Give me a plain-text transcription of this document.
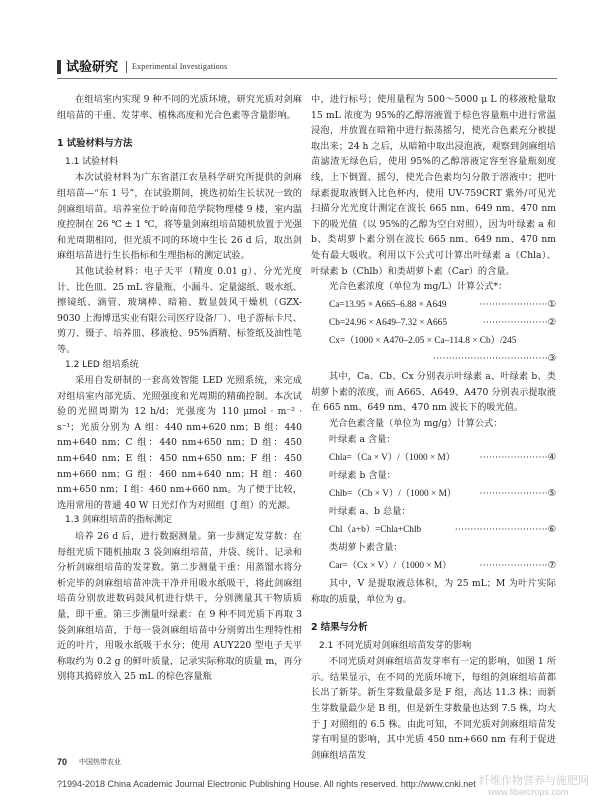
试验研究 Experimental Investigations

在组培室内实现 9 种不同的光质环境，研究光质对剑麻组培苗的干重、发芽率、植株高度和光合色素等含量影响。

1 试验材料与方法
1.1 试验材料

本次试验材料为广东省湛江农垦科学研究所提供的剑麻组培苗—“东 1 号”，在试验期间，挑选初始生长状况一致的剑麻组培苗。培养室位于岭南师范学院物理楼 9 楼，室内温度控制在 26 ℃ ± 1 ℃，将等量剑麻组培苗随机放置于光强和光周期相同，但光质不同的环境中生长 26 d 后，取出剑麻组培苗进行生长指标和生理指标的测定试验。

其他试验材料：电子天平（精度 0.01 g）、分光光度计、比色皿、25 mL 容量瓶、小漏斗、定量滤纸、吸水纸、擦镜纸、滴管、玻璃棒、暗箱、数显鼓风干燥机（GZX-9030 上海博迅实业有限公司医疗设备厂）、电子游标卡尺、剪刀、镊子、培养皿、移液枪、95%酒精、标签纸及油性笔等。

1.2 LED 组培系统

采用自发研制的一套高效智能 LED 光照系统，来完成对组培室内部光质、光照强度和光周期的精确控制。本次试验的光照周期为 12 h/d；光强度为 110 μmol · m⁻² · s⁻¹；光质分别为 A 组：440 nm+620 nm；B 组：440 nm+640 nm；C 组：440 nm+650 nm；D 组：450 nm+640 nm；E 组：450 nm+650 nm；F 组：450 nm+660 nm；G 组：460 nm+640 nm；H 组：460 nm+650 nm；I 组：460 nm+660 nm。为了便于比较，选用常用的普通 40 W 日光灯作为对照组（J 组）的光源。

1.3 剑麻组培苗的指标测定

培养 26 d 后，进行数据测量。第一步测定发芽数：在每组光质下随机抽取 3 袋剑麻组培苗，并袋、统计、记录和分析剑麻组培苗的发芽数。第二步测量干重：用蒸馏水将分析完毕的剑麻组培苗冲洗干净并用吸水纸吸干，将此剑麻组培苗分别放进数码鼓风机进行烘干，分别测量其干物质质量，即干重。第三步测量叶绿素：在 9 种不同光质下再取 3 袋剑麻组培苗，于每一袋剑麻组培苗中分别剪出生理特性相近的叶片，用吸水纸吸干水分；使用 AUY220 型电子天平称取约为 0.2 g 的鲜叶质量，记录实际称取的质量 m，再分别将其捣碎放入 25 mL 的棕色容量瓶

中，进行标号；使用量程为 500～5000 μ L 的移液枪量取 15 mL 浓度为 95%的乙醇溶液置于棕色容量瓶中进行常温浸泡，并放置在暗箱中进行振荡摇匀，使光合色素充分被提取出来；24 h 之后，从暗箱中取出浸泡液，观察到剑麻组培苗滤渣无绿色后，使用 95%的乙醇溶液定容至容量瓶刻度线，上下倒置、摇匀，使光合色素均匀分散于溶液中；把叶绿素提取液倒入比色杯内，使用 UV-759CRT 紫外/可见光扫描分光光度计测定在波长 665 nm、649 nm、470 nm 下的吸光值（以 95%的乙醇为空白对照），因为叶绿素 a 和 b、类胡萝卜素分别在波长 665 nm、649 nm、470 nm 处有最大吸收。利用以下公式可计算出叶绿素 a（Chla）、叶绿素 b（Chlb）和类胡萝卜素（Car）的含量。

光合色素浓度（单位为 mg/L）计算公式*：
Ca=13.95 × A665–6.88 × A649	······················①
Cb=24.96 × A649–7.32 × A665	·····················②
Cx=（1000 × A470–2.05 × Ca–114.8 × Cb）/245
·····································③

其中，Ca、Cb、Cx 分别表示叶绿素 a、叶绿素 b、类胡萝卜素的浓度，而 A665、A649、A470 分别表示提取液在 665 nm、649 nm、470 nm 波长下的吸光值。

光合色素含量（单位为 mg/g）计算公式：
叶绿素 a 含量：
Chla=（Ca × V）/（1000 × M）	······················④
叶绿素 b 含量：
Chlb=（Cb × V）/（1000 × M）	······················⑤
叶绿素 a、b 总量：
Chl（a+b）=Chla+Chlb	······························⑥
类胡萝卜素含量：
Car=（Cx × V）/（1000 × M）	······················⑦

其中，V 是提取液总体积，为 25 mL；M 为叶片实际称取的质量，单位为 g。

2 结果与分析
2.1 不同光质对剑麻组培苗发芽的影响

不同光质对剑麻组培苗发芽率有一定的影响，如图 1 所示。结果显示，在不同的光质环境下，每组的剑麻组培苗都长出了新芽。新生芽数量最多是 F 组，高达 11.3 株；而新生芽数量最少是 B 组，但是新生芽数量也达到 7.5 株，均大于 J 对照组的 6.5 株。由此可知，不同光质对剑麻组培苗发芽有明显的影响，其中光质 450 nm+660 nm 有利于促进剑麻组培苗发

70 中国热带农业
?1994-2018 China Academic Journal Electronic Publishing House. All rights reserved. http://www.cnki.net 纤维作物营养与施肥网
www.fibercrops.com
